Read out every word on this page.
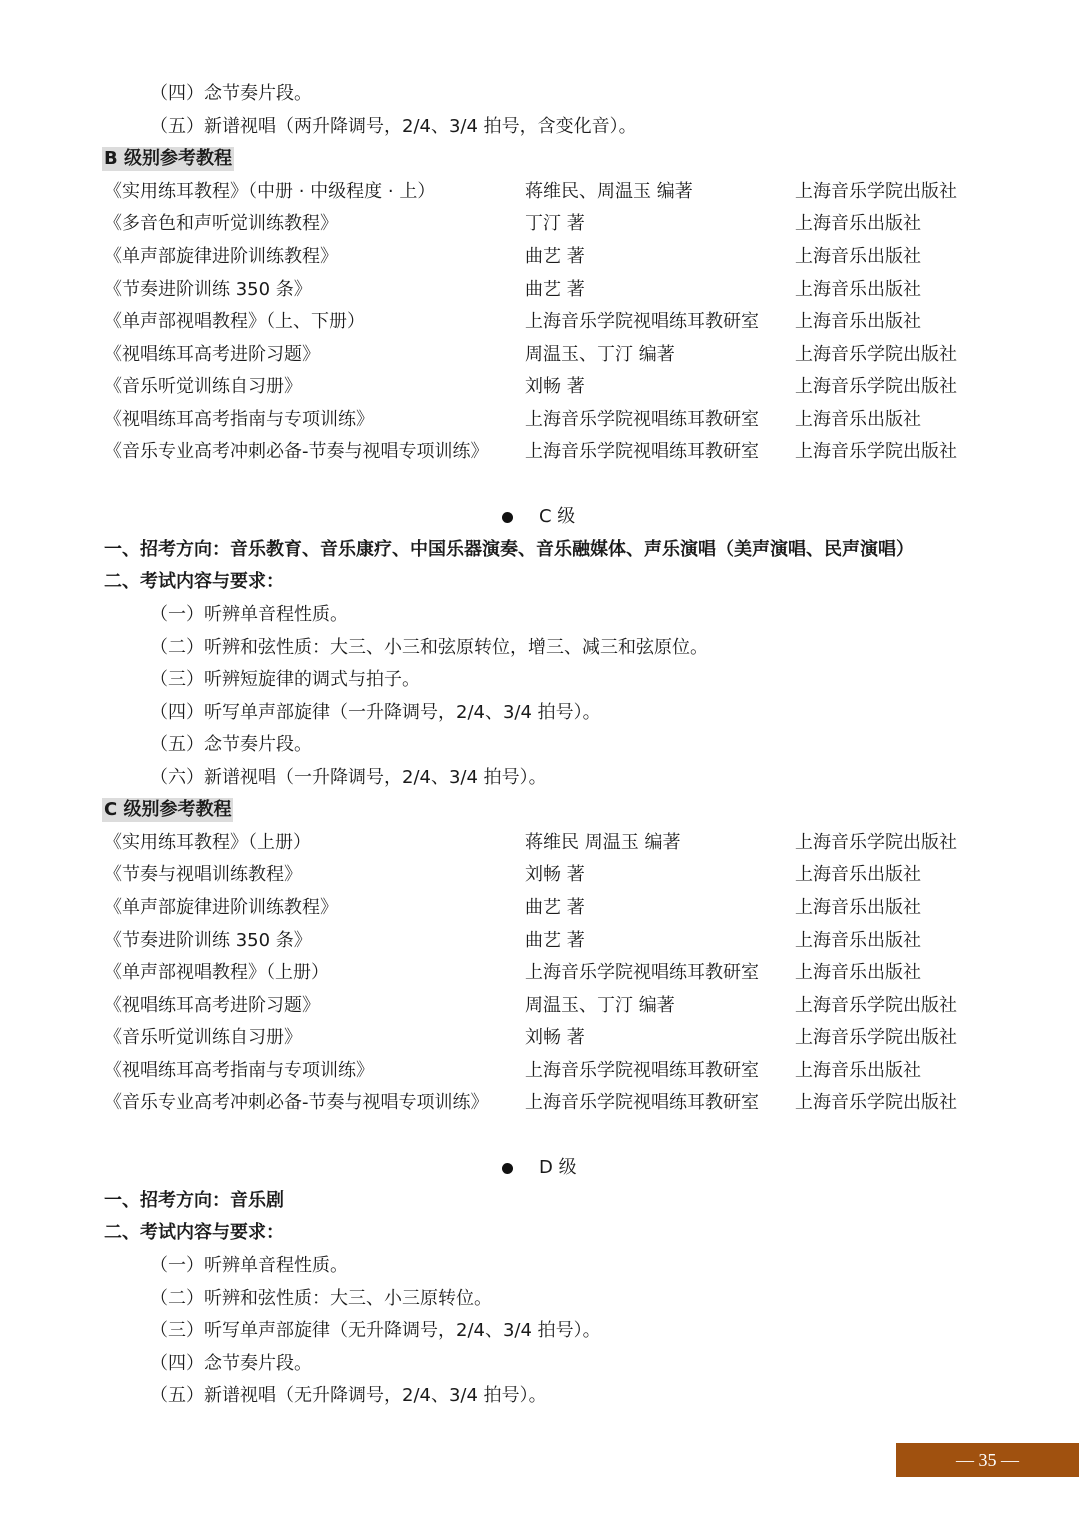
（四）念节奏片段。
（五）新谱视唱（两升降调号，2/4、3/4 拍号，含变化音）。
B 级别参考教程
《实用练耳教程》（中册 · 中级程度 · 上）	蒋维民、周温玉 编著	上海音乐学院出版社
《多音色和声听觉训练教程》	丁汀 著	上海音乐出版社
《单声部旋律进阶训练教程》	曲艺 著	上海音乐出版社
《节奏进阶训练 350 条》	曲艺 著	上海音乐出版社
《单声部视唱教程》（上、下册）	上海音乐学院视唱练耳教研室 上海音乐出版社
《视唱练耳高考进阶习题》	周温玉、丁汀 编著	上海音乐学院出版社
《音乐听觉训练自习册》	刘畅 著	上海音乐学院出版社
《视唱练耳高考指南与专项训练》	上海音乐学院视唱练耳教研室 上海音乐出版社
《音乐专业高考冲刺必备-节奏与视唱专项训练》 上海音乐学院视唱练耳教研室 上海音乐学院出版社
C 级
一、招考方向：音乐教育、音乐康疗、中国乐器演奏、音乐融媒体、声乐演唱（美声演唱、民声演唱）
二、考试内容与要求：
（一）听辨单音程性质。
（二）听辨和弦性质：大三、小三和弦原转位，增三、减三和弦原位。
（三）听辨短旋律的调式与拍子。
（四）听写单声部旋律（一升降调号，2/4、3/4 拍号）。
（五）念节奏片段。
（六）新谱视唱（一升降调号，2/4、3/4 拍号）。
C 级别参考教程
《实用练耳教程》（上册）	蒋维民 周温玉 编著	上海音乐学院出版社
《节奏与视唱训练教程》	刘畅 著	上海音乐出版社
《单声部旋律进阶训练教程》	曲艺 著	上海音乐出版社
《节奏进阶训练 350 条》	曲艺 著	上海音乐出版社
《单声部视唱教程》（上册）	上海音乐学院视唱练耳教研室 上海音乐出版社
《视唱练耳高考进阶习题》	周温玉、丁汀 编著	上海音乐学院出版社
《音乐听觉训练自习册》	刘畅 著	上海音乐学院出版社
《视唱练耳高考指南与专项训练》	上海音乐学院视唱练耳教研室 上海音乐出版社
《音乐专业高考冲刺必备-节奏与视唱专项训练》 上海音乐学院视唱练耳教研室 上海音乐学院出版社
D 级
一、招考方向：音乐剧
二、考试内容与要求：
（一）听辨单音程性质。
（二）听辨和弦性质：大三、小三原转位。
（三）听写单声部旋律（无升降调号，2/4、3/4 拍号）。
（四）念节奏片段。
（五）新谱视唱（无升降调号，2/4、3/4 拍号）。
— 35 —
